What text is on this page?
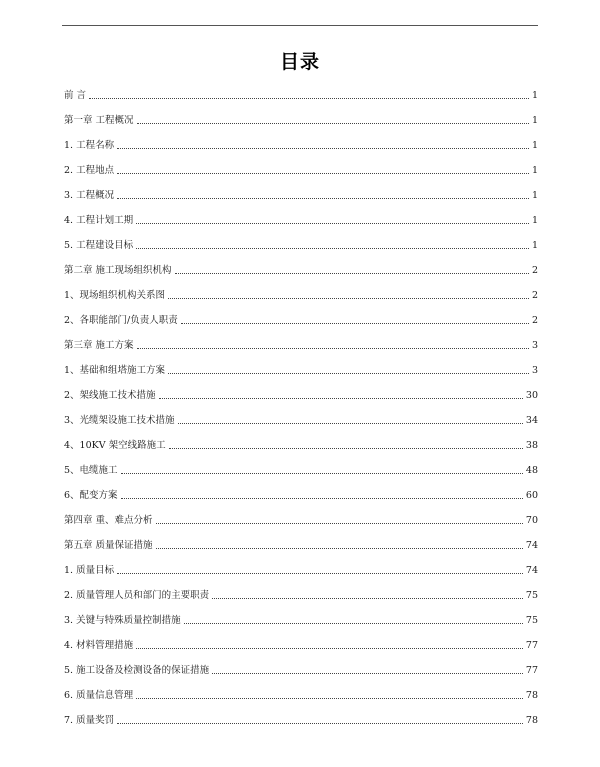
目录
前 言	1
第一章 工程概况	1
1. 工程名称	1
2. 工程地点	1
3. 工程概况	1
4. 工程计划工期	1
5. 工程建设目标	1
第二章 施工现场组织机构	2
1、现场组织机构关系图	2
2、各职能部门/负责人职责	2
第三章 施工方案	3
1、基础和组塔施工方案	3
2、架线施工技术措施	30
3、光缆架设施工技术措施	34
4、10KV 架空线路施工	38
5、电缆施工	48
6、配变方案	60
第四章 重、难点分析	70
第五章 质量保证措施	74
1. 质量目标	74
2. 质量管理人员和部门的主要职责	75
3. 关键与特殊质量控制措施	75
4. 材料管理措施	77
5. 施工设备及检测设备的保证措施	77
6. 质量信息管理	78
7. 质量奖罚	78
